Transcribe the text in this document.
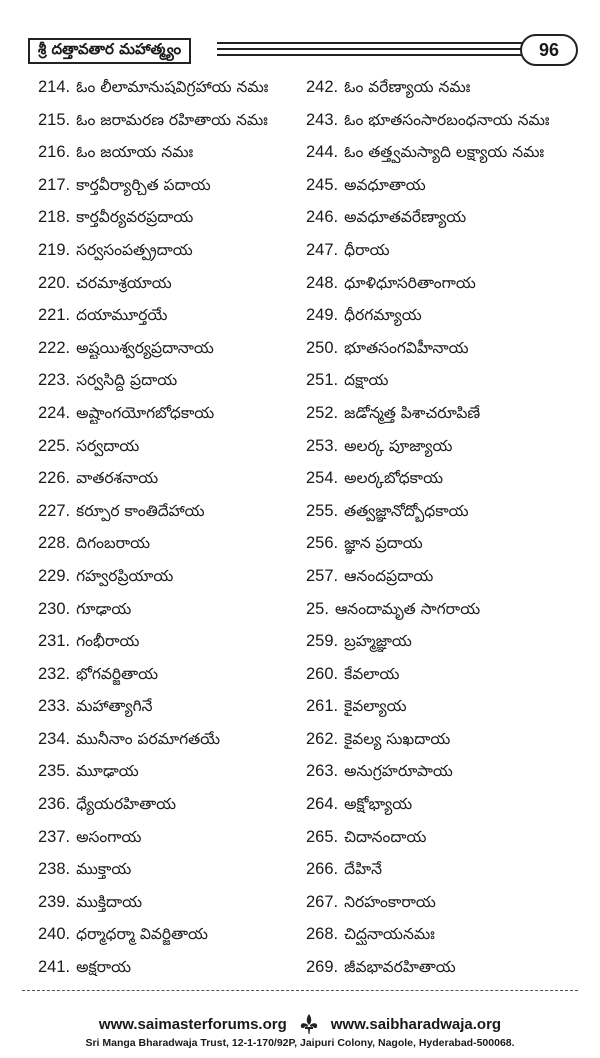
శ్రీ దత్తావతార మహాత్మ్యం	96
214. ఓం లీలామానుషవిగ్రహాయ నమః 242. ఓం వరేణ్యాయ నమః
215. ఓం జరామరణ రహితాయ నమః 243. ఓం భూతసంసారబంధనాయ నమః
216. ఓం జయాయ నమః	244. ఓం తత్త్వమస్యాది లక్ష్యాయ నమః
217. కార్తవీర్యార్చిత పదాయ	245. అవధూతాయ
218. కార్తవీర్యవరప్రదాయ	246. అవధూతవరేణ్యాయ
219. సర్వసంపత్ప్రదాయ	247. ధీరాయ
220. చరమాశ్రయాయ	248. ధూళిధూసరితాంగాయ
221. దయామూర్తయే	249. ధీరగమ్యాయ
222. అష్టయిశ్వర్యప్రదానాయ	250. భూతసంగవిహీనాయ
223. సర్వసిద్ధి ప్రదాయ	251. దక్షాయ
224. అష్టాంగయోగబోధకాయ	252. జడోన్మత్త పిశాచరూపిణే
225. సర్వదాయ	253. అలర్క పూజ్యాయ
226. వాతరశనాయ	254. అలర్కబోధకాయ
227. కర్పూర కాంతిదేహాయ	255. తత్వజ్ఞానోద్బోధకాయ
228. దిగంబరాయ	256. జ్ఞాన ప్రదాయ
229. గహ్వరప్రియాయ	257. ఆనందప్రదాయ
230. గూఢాయ	25. ఆనందామృత సాగరాయ
231. గంభీరాయ	259. బ్రహ్మజ్ఞాయ
232. భోగవర్జితాయ	260. కేవలాయ
233. మహాత్యాగినే	261. కైవల్యాయ
234. మునీనాం పరమాగతయే	262. కైవల్య సుఖదాయ
235. మూఢాయ	263. అనుగ్రహరూపాయ
236. ధ్యేయరహితాయ	264. అక్షోభ్యాయ
237. అసంగాయ	265. చిదానందాయ
238. ముక్తాయ	266. దేహినే
239. ముక్తిదాయ	267. నిరహంకారాయ
240. ధర్మాధర్మా వివర్జితాయ	268. చిద్ఘనాయనమః
241. అక్షరాయ	269. జీవభావరహితాయ
www.saimasterforums.org	www.saibharadwaja.org
Sri Manga Bharadwaja Trust, 12-1-170/92P, Jaipuri Colony, Nagole, Hyderabad-500068.
